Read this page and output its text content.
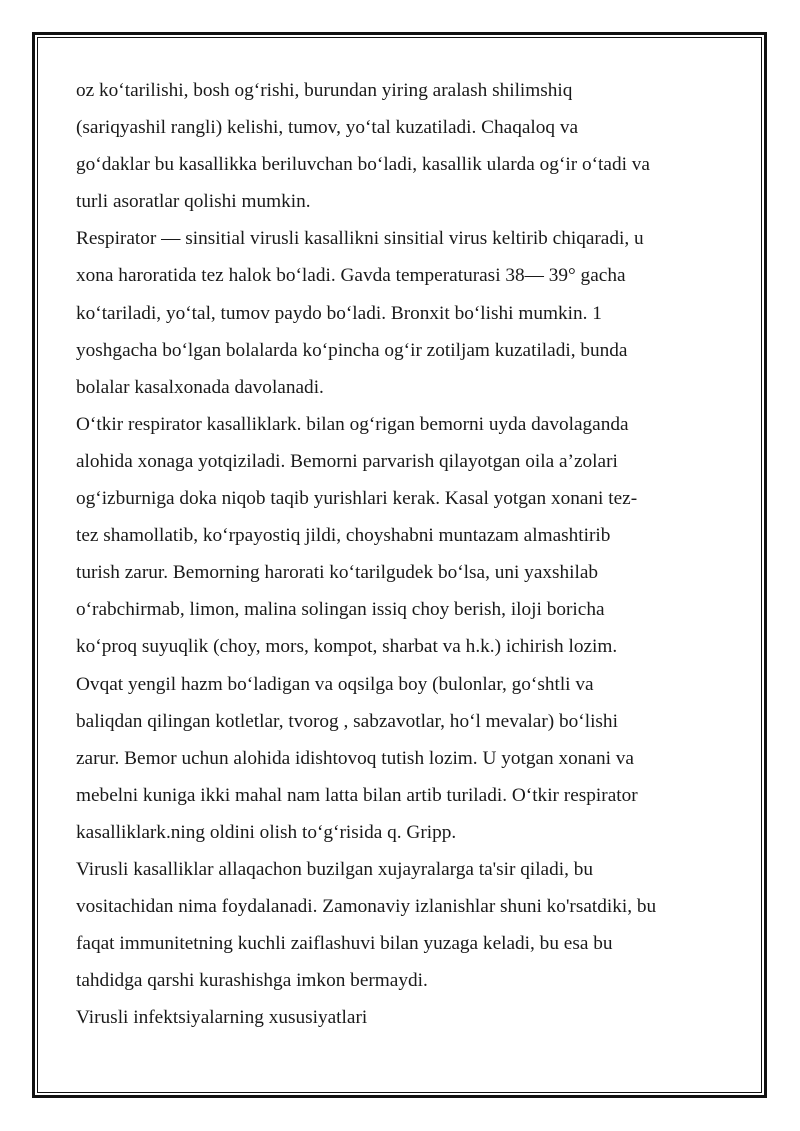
oz koʻtarilishi, bosh ogʻrishi, burundan yiring aralash shilimshiq
(sariqyashil rangli) kelishi, tumov, yoʻtal kuzatiladi. Chaqaloq va
goʻdaklar bu kasallikka beriluvchan boʻladi, kasallik ularda ogʻir oʻtadi va
turli asoratlar qolishi mumkin.
Respirator — sinsitial virusli kasallikni sinsitial virus keltirib chiqaradi, u
xona haroratida tez halok boʻladi. Gavda temperaturasi 38— 39° gacha
koʻtariladi, yoʻtal, tumov paydo boʻladi. Bronxit boʻlishi mumkin. 1
yoshgacha boʻlgan bolalarda koʻpincha ogʻir zotiljam kuzatiladi, bunda
bolalar kasalxonada davolanadi.
Oʻtkir respirator kasalliklark. bilan ogʻrigan bemorni uyda davolaganda
alohida xonaga yotqiziladi. Bemorni parvarish qilayotgan oila a’zolari
ogʻizburniga doka niqob taqib yurishlari kerak. Kasal yotgan xonani tez-
tez shamollatib, koʻrpayostiq jildi, choyshabni muntazam almashtirib
turish zarur. Bemorning harorati koʻtarilgudek boʻlsa, uni yaxshilab
oʻrabchirmab, limon, malina solingan issiq choy berish, iloji boricha
koʻproq suyuqlik (choy, mors, kompot, sharbat va h.k.) ichirish lozim.
Ovqat yengil hazm boʻladigan va oqsilga boy (bulonlar, goʻshtli va
baliqdan qilingan kotletlar, tvorog , sabzavotlar, hoʻl mevalar) boʻlishi
zarur. Bemor uchun alohida idishtovoq tutish lozim. U yotgan xonani va
mebelni kuniga ikki mahal nam latta bilan artib turiladi. Oʻtkir respirator
kasalliklark.ning oldini olish toʻgʻrisida q. Gripp.
Virusli kasalliklar allaqachon buzilgan xujayralarga ta'sir qiladi, bu
vositachidan nima foydalanadi. Zamonaviy izlanishlar shuni ko'rsatdiki, bu
faqat immunitetning kuchli zaiflashuvi bilan yuzaga keladi, bu esa bu
tahdidga qarshi kurashishga imkon bermaydi.
Virusli infektsiyalarning xususiyatlari
